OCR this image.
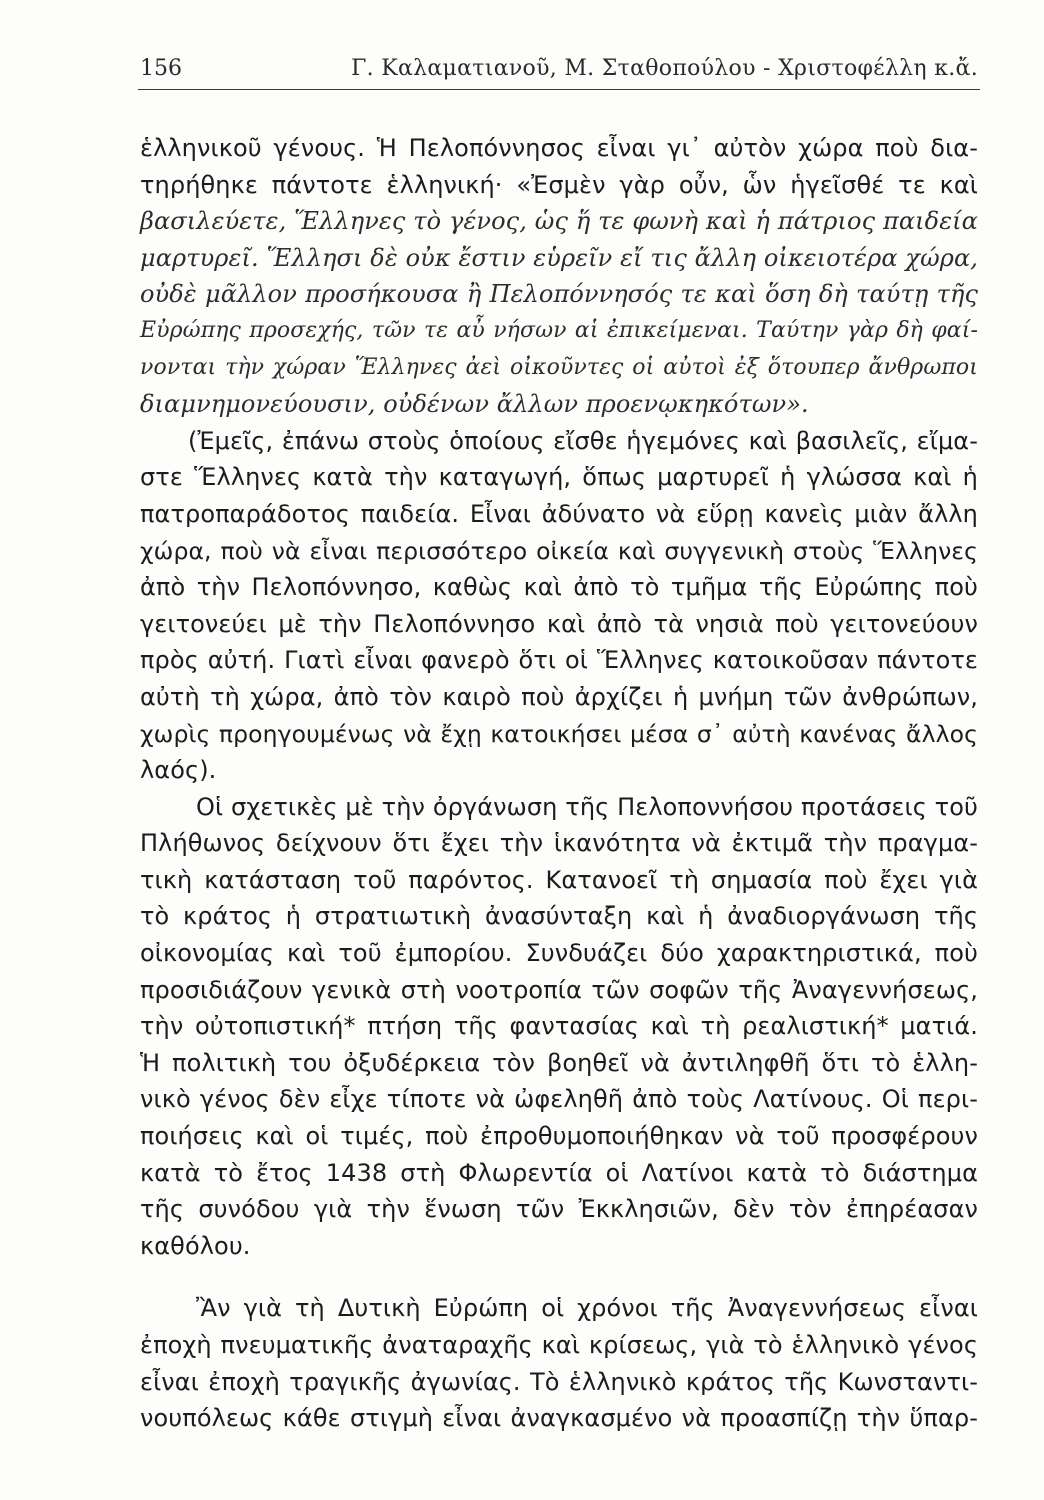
156	Γ. Καλαματιανοῦ, Μ. Σταθοπούλου - Χριστοφέλλη κ.ἄ.
ἑλληνικοῦ γένους. Ἡ Πελοπόννησος εἶναι γι᾽ αὐτὸν χώρα ποὺ δια-
τηρήθηκε πάντοτε ἑλληνική· «Ἐσμὲν γὰρ οὖν, ὧν ἡγεῖσθέ τε καὶ
βασιλεύετε, Ἕλληνες τὸ γένος, ὡς ἥ τε φωνὴ καὶ ἡ πάτριος παιδεία
μαρτυρεῖ. Ἕλλησι δὲ οὐκ ἔστιν εὑρεῖν εἴ τις ἄλλη οἰκειοτέρα χώρα,
οὐδὲ μᾶλλον προσήκουσα ἢ Πελοπόννησός τε καὶ ὅση δὴ ταύτῃ τῆς
Εὐρώπης προσεχής, τῶν τε αὖ νήσων αἱ ἐπικείμεναι. Ταύτην γὰρ δὴ φαί-
νονται τὴν χώραν Ἕλληνες ἀεὶ οἰκοῦντες οἱ αὐτοὶ ἐξ ὅτουπερ ἄνθρωποι
διαμνημονεύουσιν, οὐδένων ἄλλων προενῳκηκότων».
(Ἐμεῖς, ἐπάνω στοὺς ὁποίους εἴσθε ἡγεμόνες καὶ βασιλεῖς, εἴμα-
στε Ἕλληνες κατὰ τὴν καταγωγή, ὅπως μαρτυρεῖ ἡ γλώσσα καὶ ἡ
πατροπαράδοτος παιδεία. Εἶναι ἀδύνατο νὰ εὕρῃ κανεὶς μιὰν ἄλλη
χώρα, ποὺ νὰ εἶναι περισσότερο οἰκεία καὶ συγγενικὴ στοὺς Ἕλληνες
ἀπὸ τὴν Πελοπόννησο, καθὼς καὶ ἀπὸ τὸ τμῆμα τῆς Εὐρώπης ποὺ
γειτονεύει μὲ τὴν Πελοπόννησο καὶ ἀπὸ τὰ νησιὰ ποὺ γειτονεύουν
πρὸς αὐτή. Γιατὶ εἶναι φανερὸ ὅτι οἱ Ἕλληνες κατοικοῦσαν πάντοτε
αὐτὴ τὴ χώρα, ἀπὸ τὸν καιρὸ ποὺ ἀρχίζει ἡ μνήμη τῶν ἀνθρώπων,
χωρὶς προηγουμένως νὰ ἔχῃ κατοικήσει μέσα σ᾽ αὐτὴ κανένας ἄλλος
λαός).
Οἱ σχετικὲς μὲ τὴν ὀργάνωση τῆς Πελοποννήσου προτάσεις τοῦ
Πλήθωνος δείχνουν ὅτι ἔχει τὴν ἱκανότητα νὰ ἐκτιμᾶ τὴν πραγμα-
τικὴ κατάσταση τοῦ παρόντος. Κατανοεῖ τὴ σημασία ποὺ ἔχει γιὰ
τὸ κράτος ἡ στρατιωτικὴ ἀνασύνταξη καὶ ἡ ἀναδιοργάνωση τῆς
οἰκονομίας καὶ τοῦ ἐμπορίου. Συνδυάζει δύο χαρακτηριστικά, ποὺ
προσιδιάζουν γενικὰ στὴ νοοτροπία τῶν σοφῶν τῆς Ἀναγεννήσεως,
τὴν οὐτοπιστική* πτήση τῆς φαντασίας καὶ τὴ ρεαλιστική* ματιά.
Ἡ πολιτικὴ του ὀξυδέρκεια τὸν βοηθεῖ νὰ ἀντιληφθῆ ὅτι τὸ ἑλλη-
νικὸ γένος δὲν εἶχε τίποτε νὰ ὠφεληθῆ ἀπὸ τοὺς Λατίνους. Οἱ περι-
ποιήσεις καὶ οἱ τιμές, ποὺ ἐπροθυμοποιήθηκαν νὰ τοῦ προσφέρουν
κατὰ τὸ ἔτος 1438 στὴ Φλωρεντία οἱ Λατίνοι κατὰ τὸ διάστημα
τῆς συνόδου γιὰ τὴν ἕνωση τῶν Ἐκκλησιῶν, δὲν τὸν ἐπηρέασαν
καθόλου.
Ἂν γιὰ τὴ Δυτικὴ Εὐρώπη οἱ χρόνοι τῆς Ἀναγεννήσεως εἶναι
ἐποχὴ πνευματικῆς ἀναταραχῆς καὶ κρίσεως, γιὰ τὸ ἑλληνικὸ γένος
εἶναι ἐποχὴ τραγικῆς ἀγωνίας. Τὸ ἑλληνικὸ κράτος τῆς Κωνσταντι-
νουπόλεως κάθε στιγμὴ εἶναι ἀναγκασμένο νὰ προασπίζῃ τὴν ὕπαρ-
